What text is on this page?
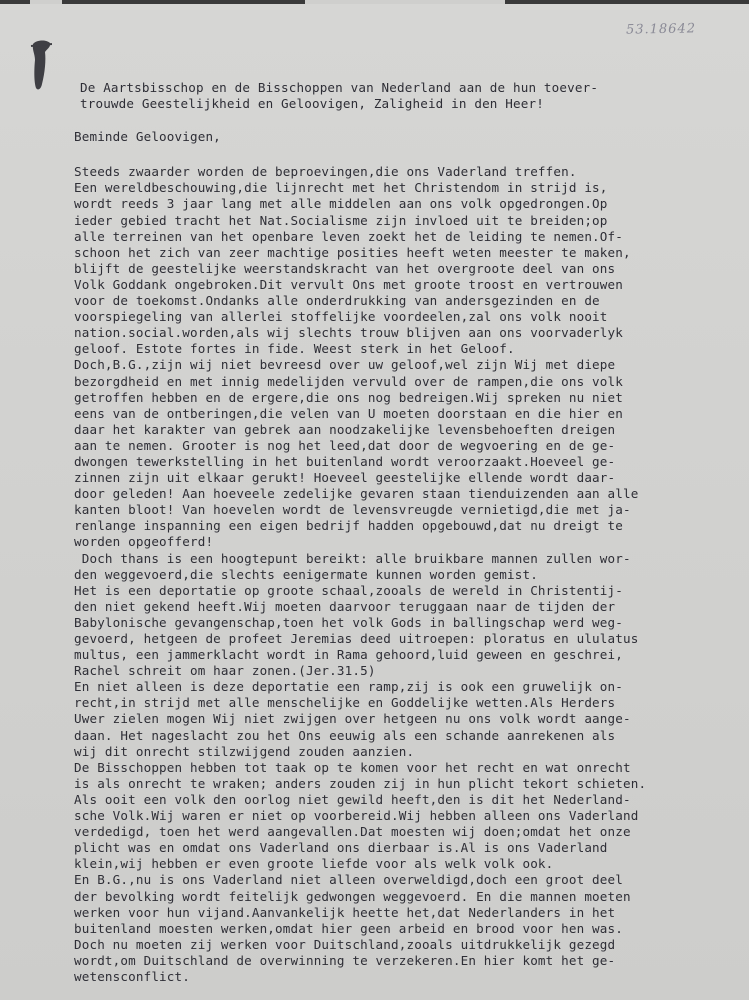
53.18642
De Aartsbisschop en de Bisschoppen van Nederland aan de hun toever-
trouwde Geestelijkheid en Geloovigen, Zaligheid in den Heer!
Beminde Geloovigen,
Steeds zwaarder worden de beproevingen,die ons Vaderland treffen.
Een wereldbeschouwing,die lijnrecht met het Christendom in strijd is,
wordt reeds 3 jaar lang met alle middelen aan ons volk opgedrongen.Op
ieder gebied tracht het Nat.Socialisme zijn invloed uit te breiden;op
alle terreinen van het openbare leven zoekt het de leiding te nemen.Of-
schoon het zich van zeer machtige posities heeft weten meester te maken,
blijft de geestelijke weerstandskracht van het overgroote deel van ons
Volk Goddank ongebroken.Dit vervult Ons met groote troost en vertrouwen
voor de toekomst.Ondanks alle onderdrukking van andersgezinden en de
voorspiegeling van allerlei stoffelijke voordeelen,zal ons volk nooit
nation.social.worden,als wij slechts trouw blijven aan ons voorvaderlyk
geloof. Estote fortes in fide. Weest sterk in het Geloof.
Doch,B.G.,zijn wij niet bevreesd over uw geloof,wel zijn Wij met diepe
bezorgdheid en met innig medelijden vervuld over de rampen,die ons volk
getroffen hebben en de ergere,die ons nog bedreigen.Wij spreken nu niet
eens van de ontberingen,die velen van U moeten doorstaan en die hier en
daar het karakter van gebrek aan noodzakelijke levensbehoeften dreigen
aan te nemen. Grooter is nog het leed,dat door de wegvoering en de ge-
dwongen tewerkstelling in het buitenland wordt veroorzaakt.Hoeveel ge-
zinnen zijn uit elkaar gerukt! Hoeveel geestelijke ellende wordt daar-
door geleden! Aan hoeveele zedelijke gevaren staan tienduizenden aan alle
kanten bloot! Van hoevelen wordt de levensvreugde vernietigd,die met ja-
renlange inspanning een eigen bedrijf hadden opgebouwd,dat nu dreigt te
worden opgeofferd!
Doch thans is een hoogtepunt bereikt: alle bruikbare mannen zullen wor-
den weggevoerd,die slechts eenigermate kunnen worden gemist.
Het is een deportatie op groote schaal,zooals de wereld in Christentij-
den niet gekend heeft.Wij moeten daarvoor teruggaan naar de tijden der
Babylonische gevangenschap,toen het volk Gods in ballingschap werd weg-
gevoerd, hetgeen de profeet Jeremias deed uitroepen: ploratus en ululatus
multus, een jammerklacht wordt in Rama gehoord,luid geween en geschrei,
Rachel schreit om haar zonen.(Jer.31.5)
En niet alleen is deze deportatie een ramp,zij is ook een gruwelijk on-
recht,in strijd met alle menschelijke en Goddelijke wetten.Als Herders
Uwer zielen mogen Wij niet zwijgen over hetgeen nu ons volk wordt aange-
daan. Het nageslacht zou het Ons eeuwig als een schande aanrekenen als
wij dit onrecht stilzwijgend zouden aanzien.
De Bisschoppen hebben tot taak op te komen voor het recht en wat onrecht
is als onrecht te wraken; anders zouden zij in hun plicht tekort schieten.
Als ooit een volk den oorlog niet gewild heeft,den is dit het Nederland-
sche Volk.Wij waren er niet op voorbereid.Wij hebben alleen ons Vaderland
verdedigd, toen het werd aangevallen.Dat moesten wij doen;omdat het onze
plicht was en omdat ons Vaderland ons dierbaar is.Al is ons Vaderland
klein,wij hebben er even groote liefde voor als welk volk ook.
En B.G.,nu is ons Vaderland niet alleen overweldigd,doch een groot deel
der bevolking wordt feitelijk gedwongen weggevoerd. En die mannen moeten
werken voor hun vijand.Aanvankelijk heette het,dat Nederlanders in het
buitenland moesten werken,omdat hier geen arbeid en brood voor hen was.
Doch nu moeten zij werken voor Duitschland,zooals uitdrukkelijk gezegd
wordt,om Duitschland de overwinning te verzekeren.En hier komt het ge-
wetensconflict.
